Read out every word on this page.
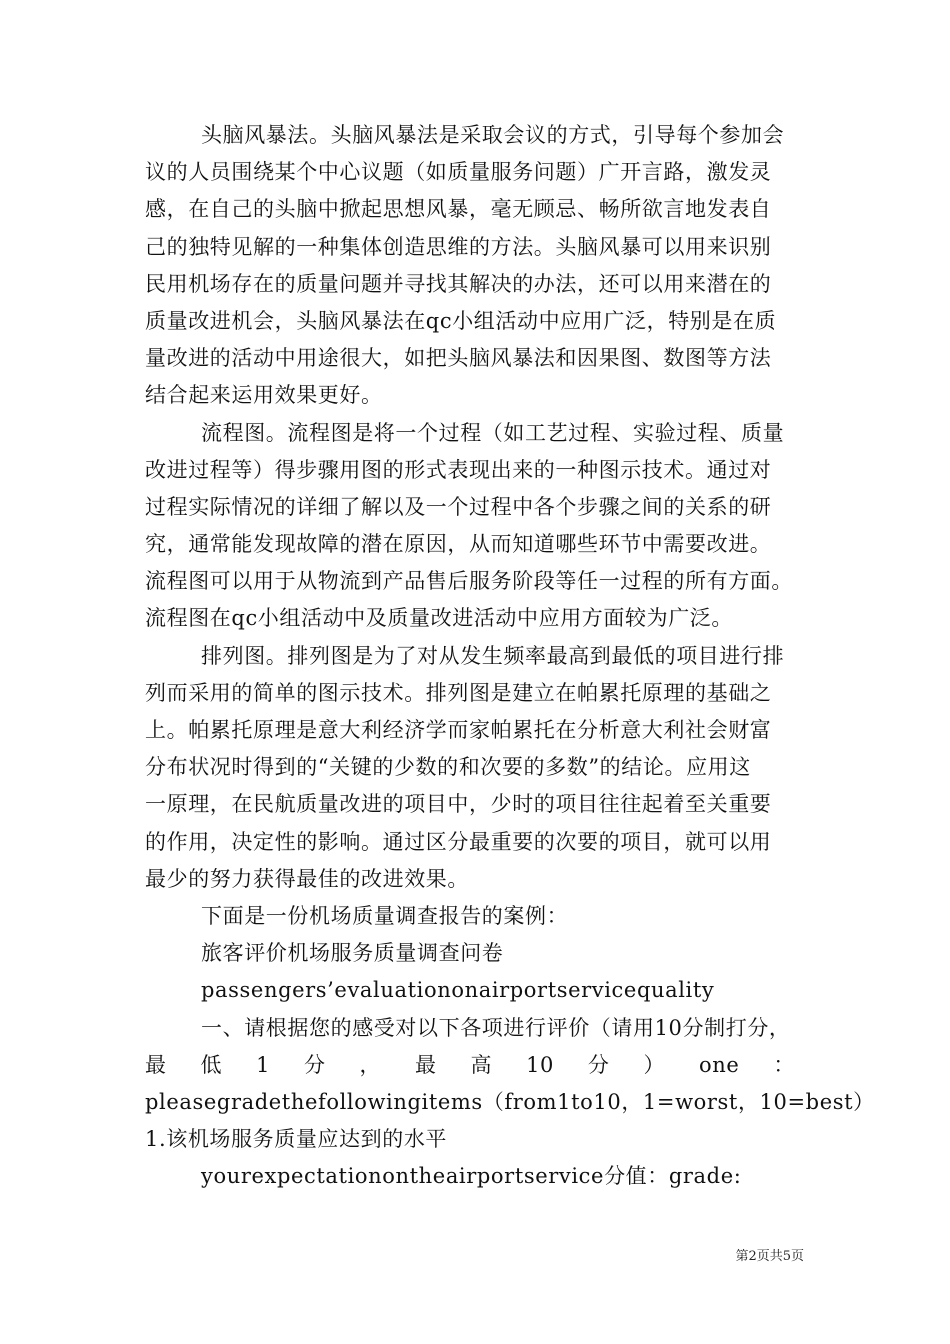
头脑风暴法。头脑风暴法是采取会议的方式，引导每个参加会
议的人员围绕某个中心议题（如质量服务问题）广开言路，激发灵
感，在自己的头脑中掀起思想风暴，毫无顾忌、畅所欲言地发表自
己的独特见解的一种集体创造思维的方法。头脑风暴可以用来识别
民用机场存在的质量问题并寻找其解决的办法，还可以用来潜在的
质量改进机会，头脑风暴法在qc小组活动中应用广泛，特别是在质
量改进的活动中用途很大，如把头脑风暴法和因果图、数图等方法
结合起来运用效果更好。
流程图。流程图是将一个过程（如工艺过程、实验过程、质量
改进过程等）得步骤用图的形式表现出来的一种图示技术。通过对
过程实际情况的详细了解以及一个过程中各个步骤之间的关系的研
究，通常能发现故障的潜在原因，从而知道哪些环节中需要改进。
流程图可以用于从物流到产品售后服务阶段等任一过程的所有方面。
流程图在qc小组活动中及质量改进活动中应用方面较为广泛。
排列图。排列图是为了对从发生频率最高到最低的项目进行排
列而采用的简单的图示技术。排列图是建立在帕累托原理的基础之
上。帕累托原理是意大利经济学而家帕累托在分析意大利社会财富
分布状况时得到的“关键的少数的和次要的多数”的结论。应用这
一原理，在民航质量改进的项目中，少时的项目往往起着至关重要
的作用，决定性的影响。通过区分最重要的次要的项目，就可以用
最少的努力获得最佳的改进效果。
下面是一份机场质量调查报告的案例：
旅客评价机场服务质量调查问卷
passengers’evaluationonairportservicequality
一、请根据您的感受对以下各项进行评价（请用10分制打分，
最 低 1 分 ， 最 高 10 分 ） one ：
pleasegradethefollowingitems（from1to10，1=worst，10=best）
1.该机场服务质量应达到的水平
yourexpectationontheairportservice分值：grade:
第2页共5页
